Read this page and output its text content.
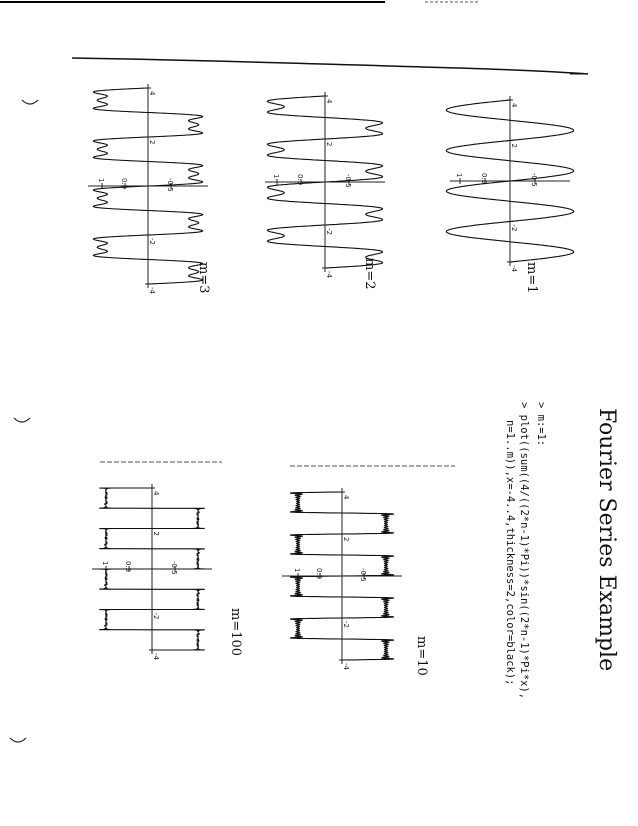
Fourier Series Example
> m:=1:
> plot((sum((4/((2*n-1)*Pi))*sin((2*n-1)*Pi*x),
n=1..m)),x=-4..4,thickness=2,color=black);
4
2
-2
-4
-0.5
0.5
1
4
2
-2
-4
-0.5
0.5
1
4
2
-2
-4
-0.5
0.5
1
4
2
-2
-4
-0.5
0.5
1
4
2
-2
-4
-0.5
0.5
1
m=1
m=2
m=3
m=10
m=100
